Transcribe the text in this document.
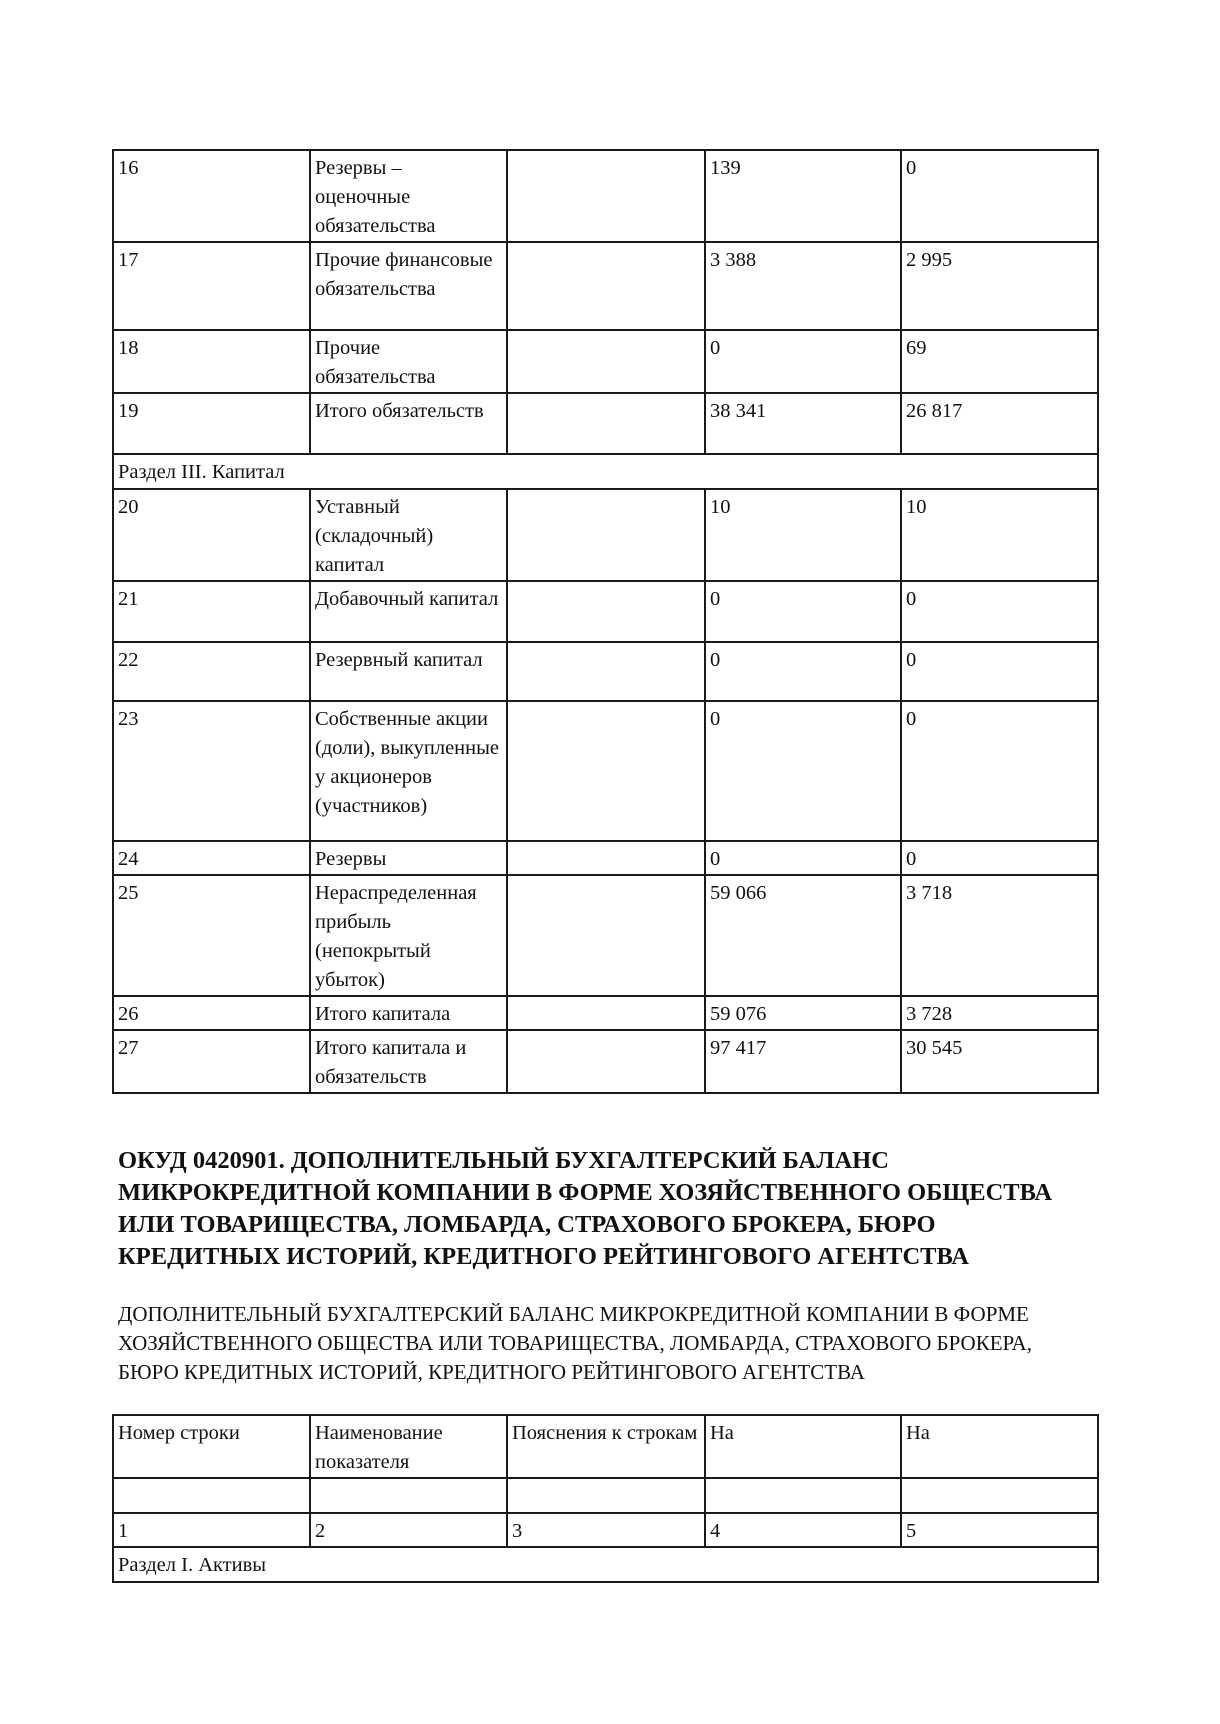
16	Резервы – оценочные обязательства		139	0
17	Прочие финансовые обязательства		3 388	2 995
18	Прочие обязательства		0	69
19	Итого обязательств		38 341	26 817
Раздел III. Капитал				
20	Уставный (складочный) капитал		10	10
21	Добавочный капитал		0	0
22	Резервный капитал		0	0
23	Собственные акции (доли), выкупленные у акционеров (участников)		0	0
24	Резервы		0	0
25	Нераспределенная прибыль (непокрытый убыток)		59 066	3 718
26	Итого капитала		59 076	3 728
27	Итого капитала и обязательств		97 417	30 545
ОКУД 0420901. ДОПОЛНИТЕЛЬНЫЙ БУХГАЛТЕРСКИЙ БАЛАНС МИКРОКРЕДИТНОЙ КОМПАНИИ В ФОРМЕ ХОЗЯЙСТВЕННОГО ОБЩЕСТВА ИЛИ ТОВАРИЩЕСТВА, ЛОМБАРДА, СТРАХОВОГО БРОКЕРА, БЮРО КРЕДИТНЫХ ИСТОРИЙ, КРЕДИТНОГО РЕЙТИНГОВОГО АГЕНТСТВА

ДОПОЛНИТЕЛЬНЫЙ БУХГАЛТЕРСКИЙ БАЛАНС МИКРОКРЕДИТНОЙ КОМПАНИИ В ФОРМЕ ХОЗЯЙСТВЕННОГО ОБЩЕСТВА ИЛИ ТОВАРИЩЕСТВА, ЛОМБАРДА, СТРАХОВОГО БРОКЕРА, БЮРО КРЕДИТНЫХ ИСТОРИЙ, КРЕДИТНОГО РЕЙТИНГОВОГО АГЕНТСТВА

Номер строки	Наименование показателя	Пояснения к строкам	На	На

1	2	3	4	5
Раздел I. Активы				
